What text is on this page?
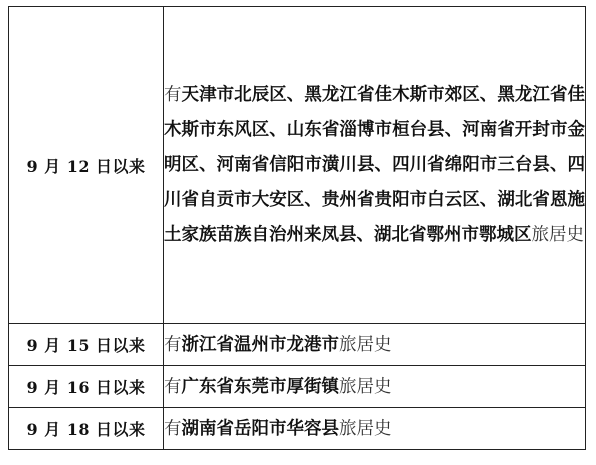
9 月 12 日以来	有天津市北辰区、黑龙江省佳木斯市郊区、黑龙江省佳木斯市东风区、山东省淄博市桓台县、河南省开封市金明区、河南省信阳市潢川县、四川省绵阳市三台县、四川省自贡市大安区、贵州省贵阳市白云区、湖北省恩施土家族苗族自治州来凤县、湖北省鄂州市鄂城区旅居史
9 月 15 日以来	有浙江省温州市龙港市旅居史
9 月 16 日以来	有广东省东莞市厚街镇旅居史
9 月 18 日以来	有湖南省岳阳市华容县旅居史
